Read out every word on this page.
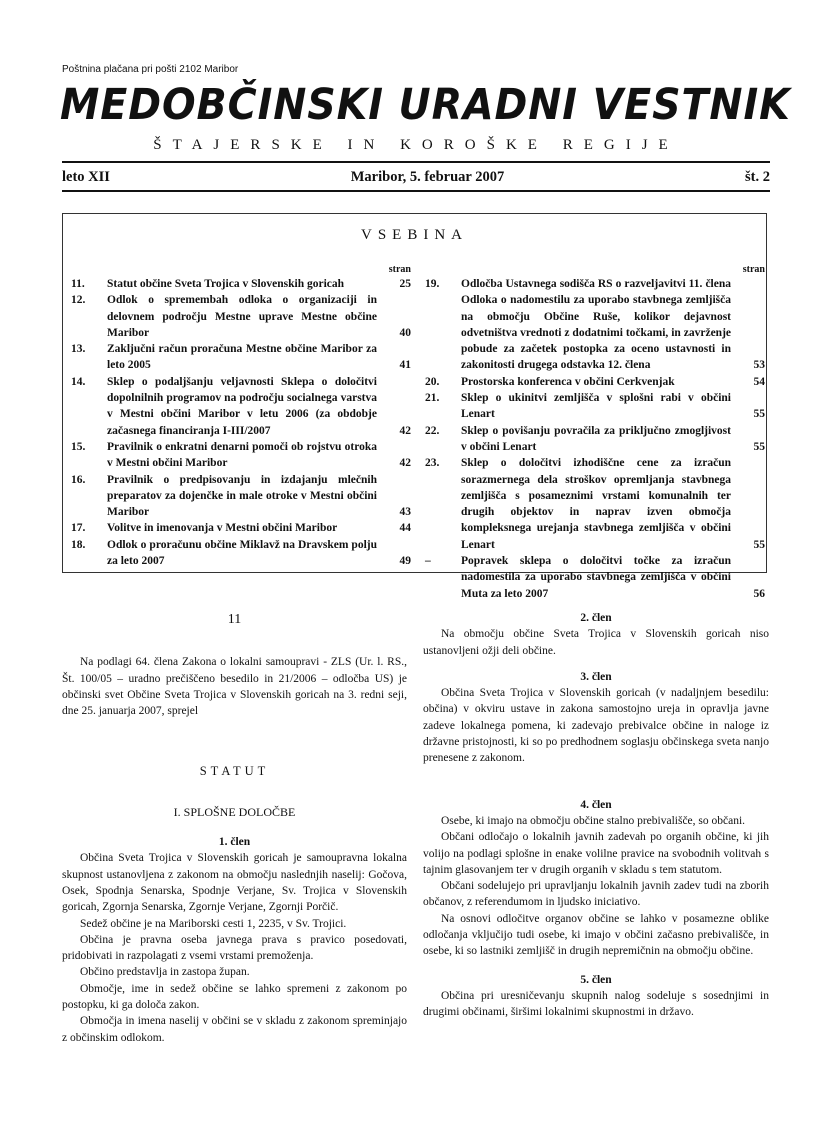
Poštnina plačana pri pošti 2102 Maribor
MEDOBČINSKI URADNI VESTNIK
ŠTAJERSKE IN KOROŠKE REGIJE
leto XII	Maribor, 5. februar 2007	št. 2
VSEBINA
stran
11.	Statut občine Sveta Trojica v Slovenskih goricah	25
12.	Odlok o spremembah odloka o organizaciji in delovnem področju Mestne uprave Mestne občine Maribor	40
13.	Zaključni račun proračuna Mestne občine Maribor za leto 2005	41
14.	Sklep o podaljšanju veljavnosti Sklepa o določitvi dopolnilnih programov na področju socialnega varstva v Mestni občini Maribor v letu 2006 (za obdobje začasnega financiranja I-III/2007	42
15.	Pravilnik o enkratni denarni pomoči ob rojstvu otroka v Mestni občini Maribor	42
16.	Pravilnik o predpisovanju in izdajanju mlečnih preparatov za dojenčke in male otroke v Mestni občini Maribor	43
17.	Volitve in imenovanja v Mestni občini Maribor	44
18.	Odlok o proračunu občine Miklavž na Dravskem polju za leto 2007	49
stran
19.	Odločba Ustavnega sodišča RS o razveljavitvi 11. člena Odloka o nadomestilu za uporabo stavbnega zemljišča na območju Občine Ruše, kolikor dejavnost odvetništva vrednoti z dodatnimi točkami, in zavrženje pobude za začetek postopka za oceno ustavnosti in zakonitosti drugega odstavka 12. člena	53
20.	Prostorska konferenca v občini Cerkvenjak	54
21.	Sklep o ukinitvi zemljišča v splošni rabi v občini Lenart	55
22.	Sklep o povišanju povračila za priključno zmogljivost v občini Lenart	55
23.	Sklep o določitvi izhodiščne cene za izračun sorazmernega dela stroškov opremljanja stavbnega zemljišča s posameznimi vrstami komunalnih ter drugih objektov in naprav izven območja kompleksnega urejanja stavbnega zemljišča v občini Lenart	55
–	Popravek sklepa o določitvi točke za izračun nadomestila za uporabo stavbnega zemljišča v občini Muta za leto 2007	56
11

Na podlagi 64. člena Zakona o lokalni samoupravi - ZLS (Ur. l. RS., Št. 100/05 – uradno prečiščeno besedilo in 21/2006 – odločba US) je občinski svet Občine Sveta Trojica v Slovenskih goricah na 3. redni seji, dne 25. januarja 2007, sprejel

STATUT
I. SPLOŠNE DOLOČBE
1. člen

Občina Sveta Trojica v Slovenskih goricah je samoupravna lokalna skupnost ustanovljena z zakonom na območju naslednjih naselij: Gočova, Osek, Spodnja Senarska, Spodnje Verjane, Sv. Trojica v Slovenskih goricah, Zgornja Senarska, Zgornje Verjane, Zgornji Porčič.

Sedež občine je na Mariborski cesti 1, 2235, v Sv. Trojici.

Občina je pravna oseba javnega prava s pravico posedovati, pridobivati in razpolagati z vsemi vrstami premoženja.

Občino predstavlja in zastopa župan.

Območje, ime in sedež občine se lahko spremeni z zakonom po postopku, ki ga določa zakon.

Območja in imena naselij v občini se v skladu z zakonom spreminjajo z občinskim odlokom.

2. člen

Na območju občine Sveta Trojica v Slovenskih goricah niso ustanovljeni ožji deli občine.

3. člen

Občina Sveta Trojica v Slovenskih goricah (v nadaljnjem besedilu: občina) v okviru ustave in zakona samostojno ureja in opravlja javne zadeve lokalnega pomena, ki zadevajo prebivalce občine in naloge iz državne pristojnosti, ki so po predhodnem soglasju občinskega sveta nanjo prenesene z zakonom.

4. člen

Osebe, ki imajo na območju občine stalno prebivališče, so občani.

Občani odločajo o lokalnih javnih zadevah po organih občine, ki jih volijo na podlagi splošne in enake volilne pravice na svobodnih volitvah s tajnim glasovanjem ter v drugih organih v skladu s tem statutom.

Občani sodelujejo pri upravljanju lokalnih javnih zadev tudi na zborih občanov, z referendumom in ljudsko iniciativo.

Na osnovi odločitve organov občine se lahko v posamezne oblike odločanja vključijo tudi osebe, ki imajo v občini začasno prebivališče, in osebe, ki so lastniki zemljišč in drugih nepremičnin na območju občine.

5. člen

Občina pri uresničevanju skupnih nalog sodeluje s sosednjimi in drugimi občinami, širšimi lokalnimi skupnostmi in državo.
